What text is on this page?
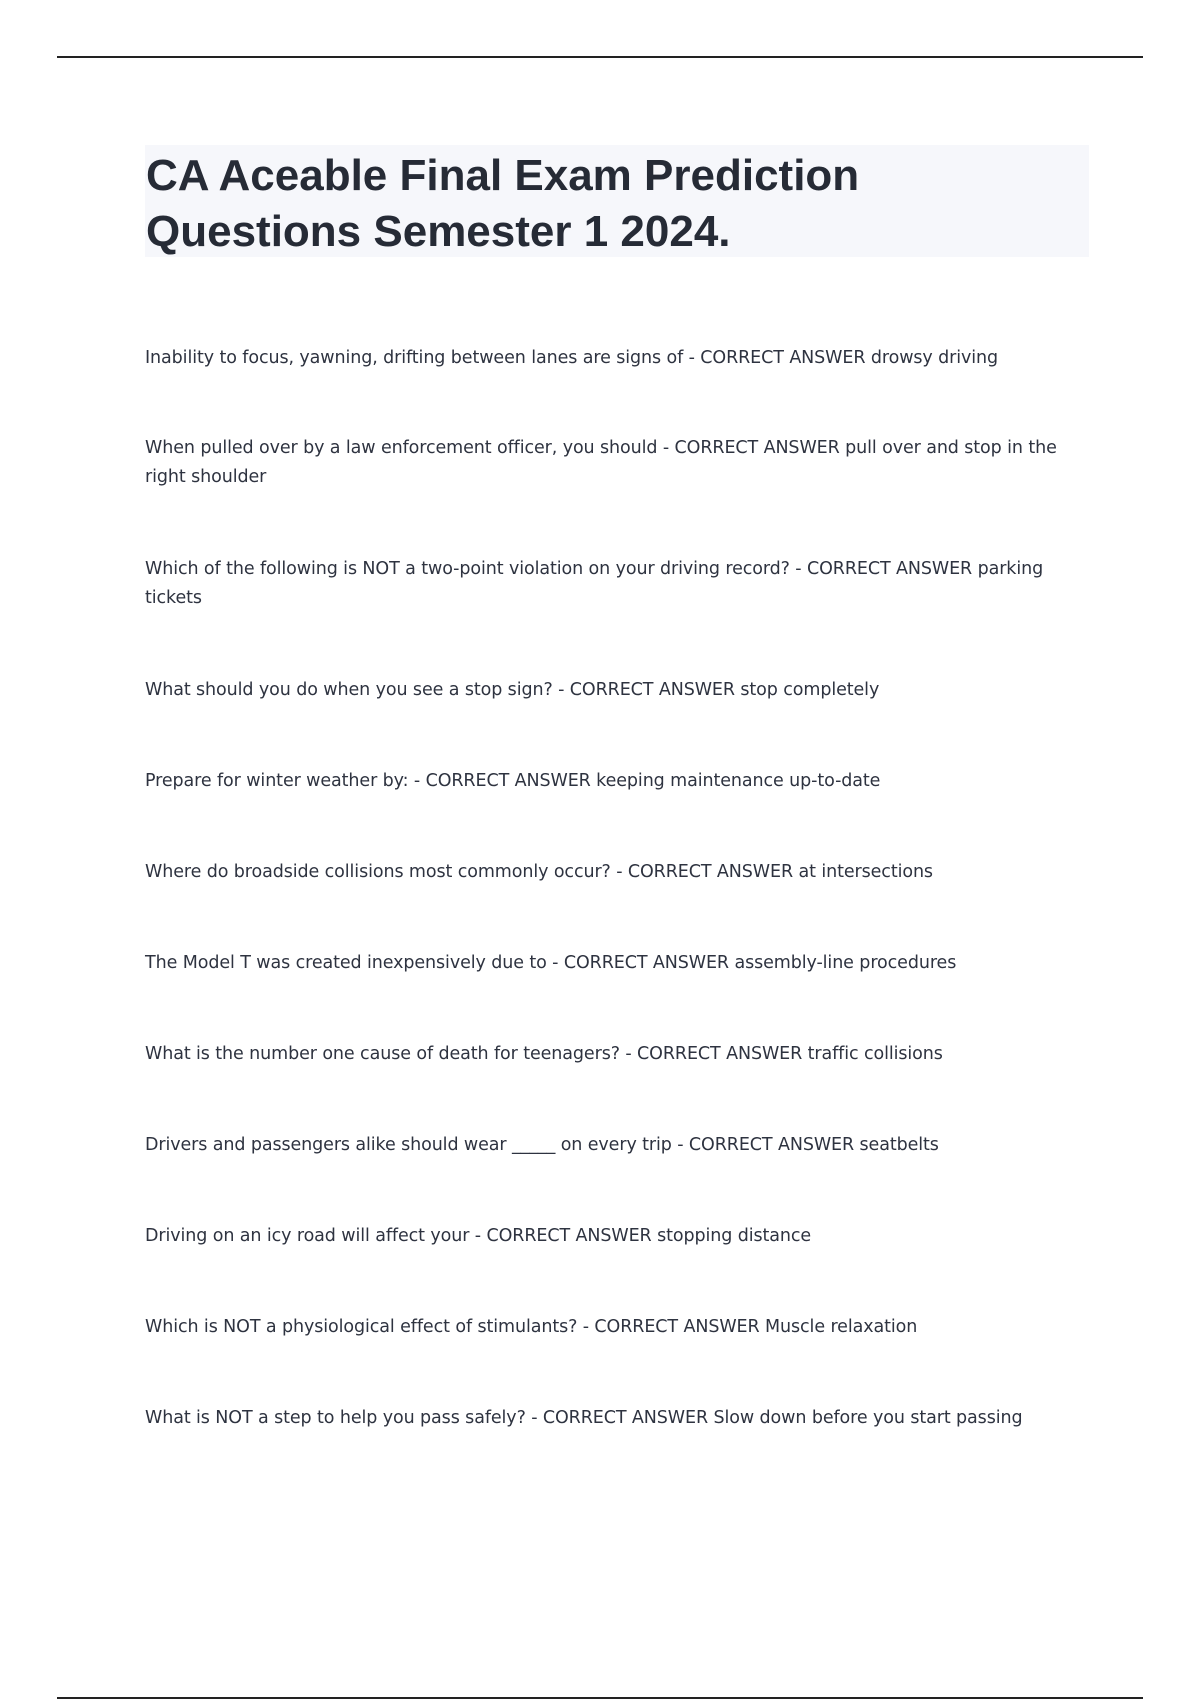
CA Aceable Final Exam Prediction Questions Semester 1 2024.
Inability to focus, yawning, drifting between lanes are signs of - CORRECT ANSWER drowsy driving
When pulled over by a law enforcement officer, you should - CORRECT ANSWER pull over and stop in the right shoulder
Which of the following is NOT a two-point violation on your driving record? - CORRECT ANSWER parking tickets
What should you do when you see a stop sign? - CORRECT ANSWER stop completely
Prepare for winter weather by: - CORRECT ANSWER keeping maintenance up-to-date
Where do broadside collisions most commonly occur? - CORRECT ANSWER at intersections
The Model T was created inexpensively due to - CORRECT ANSWER assembly-line procedures
What is the number one cause of death for teenagers? - CORRECT ANSWER traffic collisions
Drivers and passengers alike should wear _____ on every trip - CORRECT ANSWER seatbelts
Driving on an icy road will affect your - CORRECT ANSWER stopping distance
Which is NOT a physiological effect of stimulants? - CORRECT ANSWER Muscle relaxation
What is NOT a step to help you pass safely? - CORRECT ANSWER Slow down before you start passing
